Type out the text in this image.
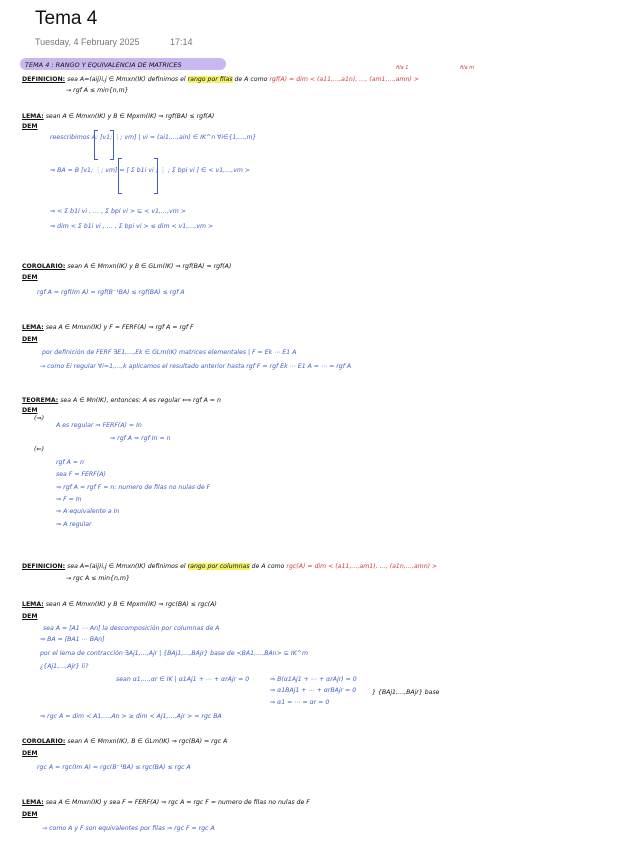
Tema 4
Tuesday, 4 February 2025	17:14
TEMA 4 : RANGO Y EQUIVALENCIA DE MATRICES	fila 1	fila m
DEFINICION: sea A=(aij)i,j ∈ Mmxn(IK) definimos el rango por filas de A como rgf(A) = dim < (a11,…,a1n), …, (am1,…,amn) >
→ rgf A ≤ min{n,m}
LEMA: sean A ∈ Mmxn(IK) y B ∈ Mpxm(IK) ⇒ rgf(BA) ≤ rgf(A)
DEM
reescribimos A: [v1; ⋮; vm] | vi = (ai1,…,ain) ∈ IK^n ∀i∈{1,…,m}
⇒ BA = B [v1; ⋮; vm] = [ Σ b1i vi ; ⋮ ; Σ bpi vi ] ∈ < v1,…,vm >
⇒ < Σ b1i vi , … , Σ bpi vi > ⊆ < v1,…,vm >
⇒ dim < Σ b1i vi , … , Σ bpi vi > ≤ dim < v1,…,vm >
COROLARIO: sean A ∈ Mmxn(IK) y B ∈ GLm(IK) ⇒ rgf(BA) = rgf(A)
DEM
rgf A = rgf(Im A) = rgf(B⁻¹BA) ≤ rgf(BA) ≤ rgf A
LEMA: sea A ∈ Mmxn(IK) y F = FERF(A) ⇒ rgf A = rgf F
DEM
por definición de FERF ∃E1,…,Ek ∈ GLm(IK) matrices elementales | F = Ek ⋯ E1 A
→ como Ei regular ∀i=1,…,k aplicamos el resultado anterior hasta rgf F = rgf Ek ⋯ E1 A = ⋯ = rgf A
TEOREMA: sea A ∈ Mn(IK), entonces: A es regular ⟺ rgf A = n
DEM
(⇒)
A es regular ⇒ FERF(A) = In
⇒ rgf A = rgf In = n
(⇐)
rgf A = n
sea F = FERF(A)
⇒ rgf A = rgf F = n: numero de filas no nulas de F
⇒ F = In
⇒ A equivalente a In
⇒ A regular
DEFINICION: sea A=(aij)i,j ∈ Mmxn(IK) definimos el rango por columnas de A como rgc(A) = dim < (a11,…,am1), …, (a1n,…,amn) >
→ rgc A ≤ min{n,m}
LEMA: sean A ∈ Mmxn(IK) y B ∈ Mpxm(IK) ⇒ rgc(BA) ≤ rgc(A)
DEM
sea A = [A1 ⋯ An] la descomposición por columnas de A
⇒ BA = [BA1 ⋯ BAn]
por el lema de contracción ∃Aj1,…,Ajr | {BAj1,…,BAjr} base de <BA1,…,BAn> ⊆ IK^m
¿{Aj1,…,Ajr} li?
sean α1,…,αr ∈ IK | α1Aj1 + ⋯ + αrAjr = 0	⇒ B(α1Aj1 + ⋯ + αrAjr) = 0
⇒ α1BAj1 + ⋯ + αrBAjr = 0
⇒ α1 = ⋯ = αr = 0
} {BAj1,…,BAjr} base
⇒ rgc A = dim < A1,…,An > ≥ dim < Aj1,…,Ajr > = rgc BA
COROLARIO: sean A ∈ Mmxn(IK), B ∈ GLm(IK) ⇒ rgc(BA) = rgc A
DEM
rgc A = rgc(Im A) = rgc(B⁻¹BA) ≤ rgc(BA) ≤ rgc A
LEMA: sea A ∈ Mmxn(IK) y sea F = FERF(A) ⇒ rgc A = rgc F = numero de filas no nulas de F
DEM
→ como A y F son equivalentes por filas ⇒ rgc F = rgc A
